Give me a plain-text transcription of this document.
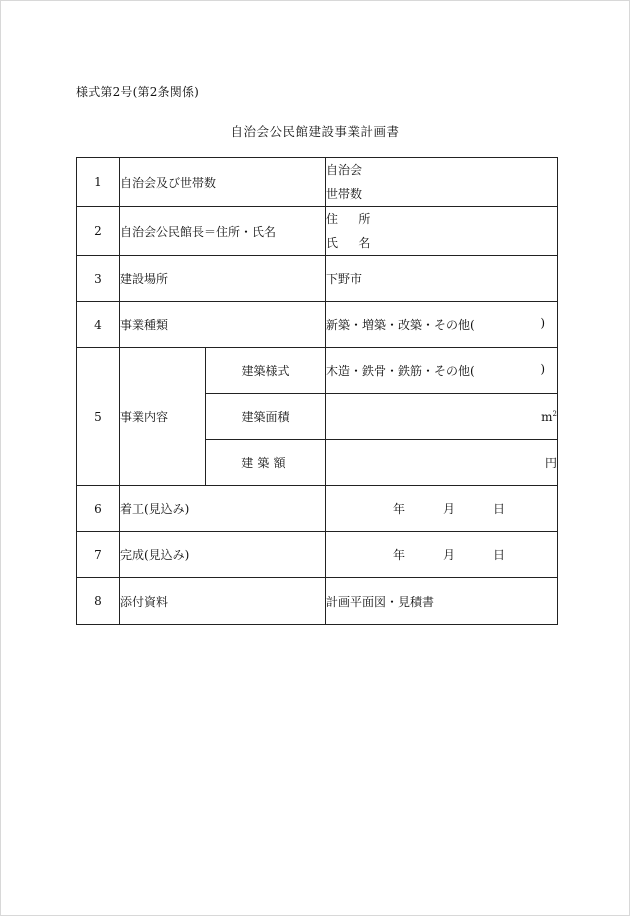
様式第2号(第2条関係)
自治会公民館建設事業計画書
1	自治会及び世帯数		自治会
世帯数

2	自治会公民館長＝住所・氏名		住　所
氏　名

3	建設場所		下野市
4	事業種類		新築・増築・改築・その他( )

5	事業内容	建築様式	木造・鉄骨・鉄筋・その他( )

		建築面積	$m^2$
		建築額	円
6	着工(見込み)		年 月 日

7	完成(見込み)		年 月 日

8	添付資料		計画平面図・見積書
